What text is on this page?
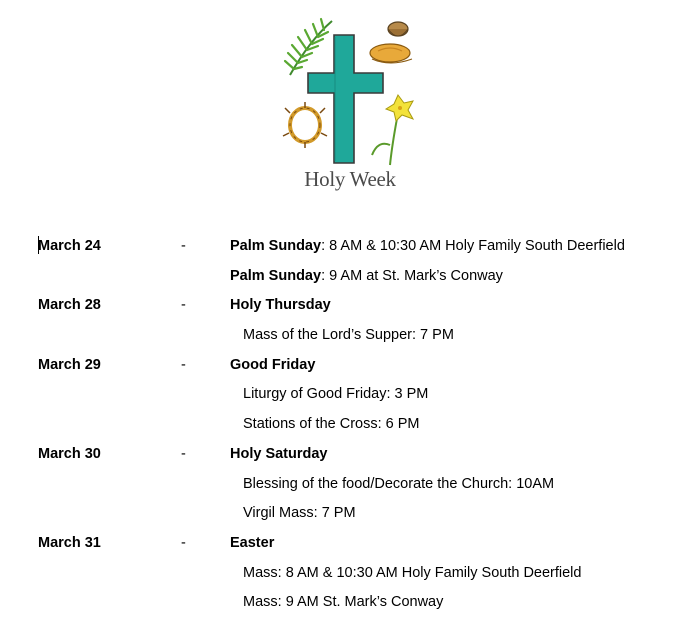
Holy Week
March 24	-	Palm Sunday: 8 AM & 10:30 AM Holy Family South Deerfield
Palm Sunday: 9 AM at St. Mark’s Conway
March 28	-	Holy Thursday
Mass of the Lord’s Supper: 7 PM
March 29	-	Good Friday
Liturgy of Good Friday: 3 PM
Stations of the Cross: 6 PM
March 30	-	Holy Saturday
Blessing of the food/Decorate the Church: 10AM
Virgil Mass: 7 PM
March 31	-	Easter
Mass: 8 AM & 10:30 AM Holy Family South Deerfield
Mass: 9 AM St. Mark’s Conway
